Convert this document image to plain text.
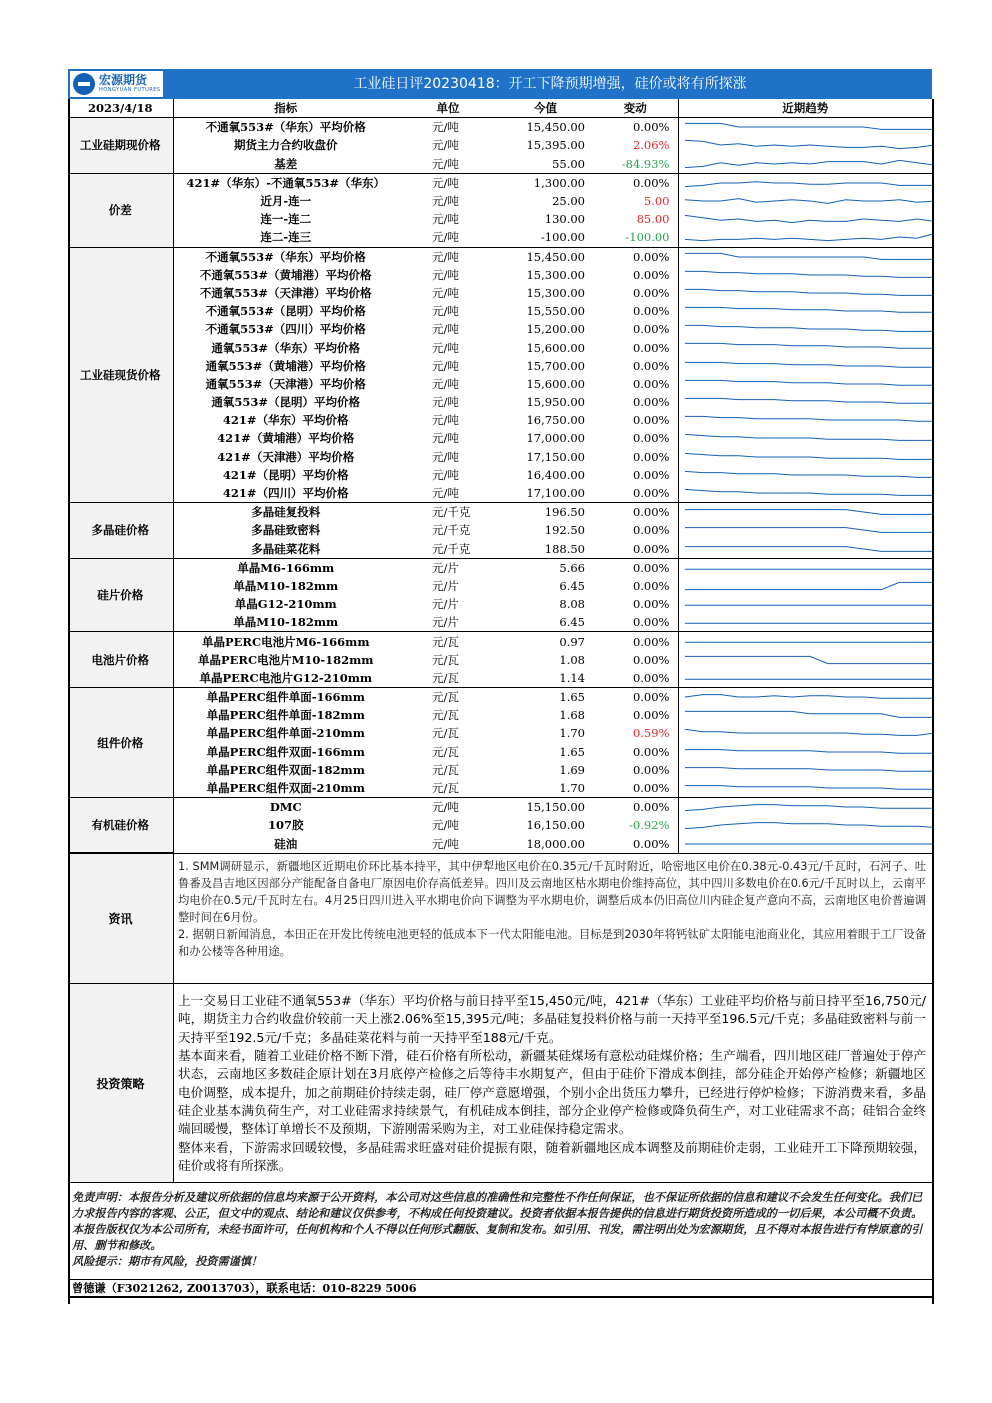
宏源期货
HONGYUAN FUTURES	工业硅日评20230418：开工下降预期增强，硅价或将有所探涨
2023/4/18	指标	单位	今值	变动	近期趋势
工业硅期现价格	不通氧553#（华东）平均价格	元/吨	15,450.00	0.00%	

	期货主力合约收盘价	元/吨	15,395.00	2.06%	

	基差	元/吨	55.00	-84.93%	

价差	421#（华东）-不通氧553#（华东）	元/吨	1,300.00	0.00%	

	近月-连一	元/吨	25.00	5.00	

	连一-连二	元/吨	130.00	85.00	

	连二-连三	元/吨	-100.00	-100.00	

工业硅现货价格	不通氧553#（华东）平均价格	元/吨	15,450.00	0.00%	

	不通氧553#（黄埔港）平均价格	元/吨	15,300.00	0.00%	

	不通氧553#（天津港）平均价格	元/吨	15,300.00	0.00%	

	不通氧553#（昆明）平均价格	元/吨	15,550.00	0.00%	

	不通氧553#（四川）平均价格	元/吨	15,200.00	0.00%	

	通氧553#（华东）平均价格	元/吨	15,600.00	0.00%	

	通氧553#（黄埔港）平均价格	元/吨	15,700.00	0.00%	

	通氧553#（天津港）平均价格	元/吨	15,600.00	0.00%	

	通氧553#（昆明）平均价格	元/吨	15,950.00	0.00%	

	421#（华东）平均价格	元/吨	16,750.00	0.00%	

	421#（黄埔港）平均价格	元/吨	17,000.00	0.00%	

	421#（天津港）平均价格	元/吨	17,150.00	0.00%	

	421#（昆明）平均价格	元/吨	16,400.00	0.00%	

	421#（四川）平均价格	元/吨	17,100.00	0.00%	

多晶硅价格	多晶硅复投料	元/千克	196.50	0.00%	

	多晶硅致密料	元/千克	192.50	0.00%	

	多晶硅菜花料	元/千克	188.50	0.00%	

硅片价格	单晶M6-166mm	元/片	5.66	0.00%	

	单晶M10-182mm	元/片	6.45	0.00%	

	单晶G12-210mm	元/片	8.08	0.00%	

	单晶M10-182mm	元/片	6.45	0.00%	

电池片价格	单晶PERC电池片M6-166mm	元/瓦	0.97	0.00%	

	单晶PERC电池片M10-182mm	元/瓦	1.08	0.00%	

	单晶PERC电池片G12-210mm	元/瓦	1.14	0.00%	

组件价格	单晶PERC组件单面-166mm	元/瓦	1.65	0.00%	

	单晶PERC组件单面-182mm	元/瓦	1.68	0.00%	

	单晶PERC组件单面-210mm	元/瓦	1.70	0.59%	

	单晶PERC组件双面-166mm	元/瓦	1.65	0.00%	

	单晶PERC组件双面-182mm	元/瓦	1.69	0.00%	

	单晶PERC组件双面-210mm	元/瓦	1.70	0.00%	

有机硅价格	DMC	元/吨	15,150.00	0.00%	

	107胶	元/吨	16,150.00	-0.92%	

	硅油	元/吨	18,000.00	0.00%	
资讯

1. SMM调研显示，新疆地区近期电价环比基本持平，其中伊犁地区电价在0.35元/千瓦时附近，哈密地区电价在0.38元-0.43元/千瓦时，石河子、吐鲁番及昌吉地区因部分产能配备自备电厂原因电价存高低差异。四川及云南地区枯水期电价维持高位，其中四川多数电价在0.6元/千瓦时以上，云南平均电价在0.5元/千瓦时左右。4月25日四川进入平水期电价向下调整为平水期电价，调整后成本仍旧高位川内硅企复产意向不高，云南地区电价普遍调整时间在6月份。

2. 据朝日新闻消息，本田正在开发比传统电池更轻的低成本下一代太阳能电池。目标是到2030年将钙钛矿太阳能电池商业化，其应用着眼于工厂设备和办公楼等各种用途。

投资策略

上一交易日工业硅不通氧553#（华东）平均价格与前日持平至15,450元/吨，421#（华东）工业硅平均价格与前日持平至16,750元/吨，期货主力合约收盘价较前一天上涨2.06%至15,395元/吨；多晶硅复投料价格与前一天持平至196.5元/千克；多晶硅致密料与前一天持平至192.5元/千克；多晶硅菜花料与前一天持平至188元/千克。

基本面来看，随着工业硅价格不断下滑，硅石价格有所松动，新疆某硅煤场有意松动硅煤价格；生产端看，四川地区硅厂普遍处于停产状态，云南地区多数硅企原计划在3月底停产检修之后等待丰水期复产，但由于硅价下滑成本倒挂，部分硅企开始停产检修；新疆地区电价调整，成本提升，加之前期硅价持续走弱，硅厂停产意愿增强，个别小企出货压力攀升，已经进行停炉检修；下游消费来看，多晶硅企业基本满负荷生产，对工业硅需求持续景气，有机硅成本倒挂，部分企业停产检修或降负荷生产，对工业硅需求不高；硅铝合金终端回暖慢，整体订单增长不及预期，下游刚需采购为主，对工业硅保持稳定需求。

整体来看，下游需求回暖较慢，多晶硅需求旺盛对硅价提振有限，随着新疆地区成本调整及前期硅价走弱，工业硅开工下降预期较强，硅价或将有所探涨。

免责声明：本报告分析及建议所依据的信息均来源于公开资料，本公司对这些信息的准确性和完整性不作任何保证，也不保证所依据的信息和建议不会发生任何变化。我们已力求报告内容的客观、公正，但文中的观点、结论和建议仅供参考，不构成任何投资建议。投资者依据本报告提供的信息进行期货投资所造成的一切后果，本公司概不负责。本报告版权仅为本公司所有，未经书面许可，任何机构和个人不得以任何形式翻版、复制和发布。如引用、刊发，需注明出处为宏源期货，且不得对本报告进行有悖原意的引用、删节和修改。

风险提示：期市有风险，投资需谨慎！

曾德谦（F3021262, Z0013703），联系电话：010-8229 5006
